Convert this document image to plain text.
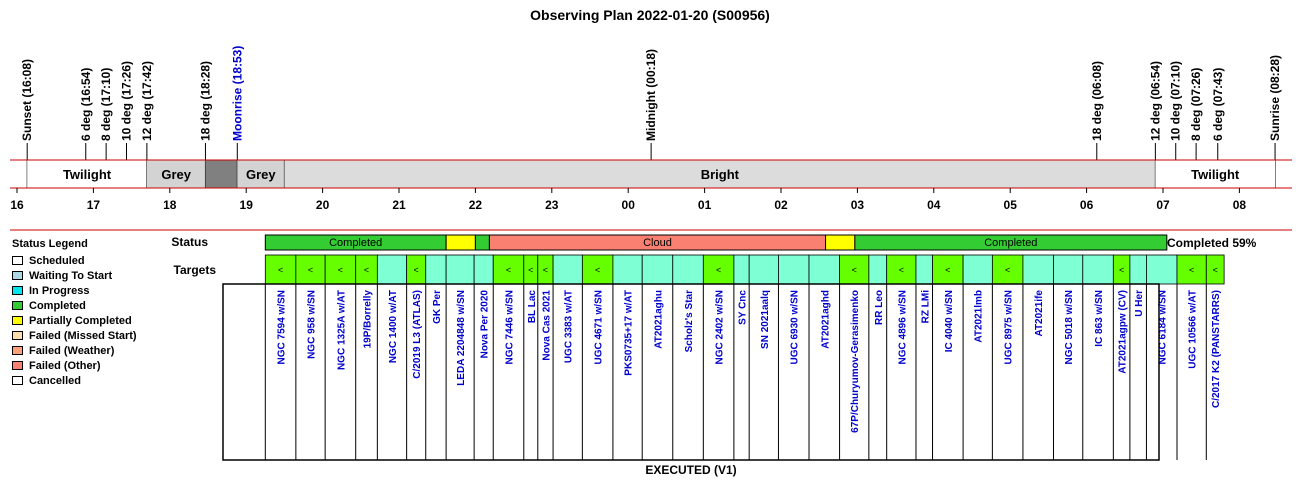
Observing Plan 2022-01-20 (S00956)
Sunset (16:08)	6 deg (16:54) 8 deg (17:10) 10 deg (17:26) 12 deg (17:42)	18 deg (18:28) Moonrise (18:53)	Midnight (00:18)	18 deg (06:08)	12 deg (06:54) 10 deg (07:10) 8 deg (07:26) 6 deg (07:43)	Sunrise (08:28)
Twilight	Grey	Grey	Bright	Twilight
16	17	18	19	20	21	22	23	00	01	02	03	04	05	06	07	08
Status	Completed	Cloud	Completed	Completed 59%
Targets	<	<	< <	<	< < <	<	<	<	<	<	<	<	< <
NGC 7594 w/SN NGC 958 w/SN NGC 1325A w/AT 19P/Borrelly NGC 1400 w/AT C/2019 L3 (ATLAS) GK Per LEDA 2204848 w/SN Nova Per 2020 NGC 7446 w/SN BL Lac Nova Cas 2021 UGC 3383 w/AT UGC 4671 w/SN PKS0735+17 w/AT AT2021aghu Scholz's Star NGC 2402 w/SN SY Cnc SN 2021aalq UGC 6930 w/SN AT2021aghd 67P/Churyumov-Gerasimenko RR Leo NGC 4896 w/SN RZ LMi IC 4040 w/SN AT2021lmb UGC 8975 w/SN AT2021ife NGC 5018 w/SN IC 863 w/SN AT2021agpw (CV) U Her NGC 6184 w/SN UGC 10566 w/AT C/2017 K2 (PANSTARRS)
EXECUTED (V1)
Status Legend
Scheduled
Waiting To Start
In Progress
Completed
Partially Completed
Failed (Missed Start)
Failed (Weather)
Failed (Other)
Cancelled
